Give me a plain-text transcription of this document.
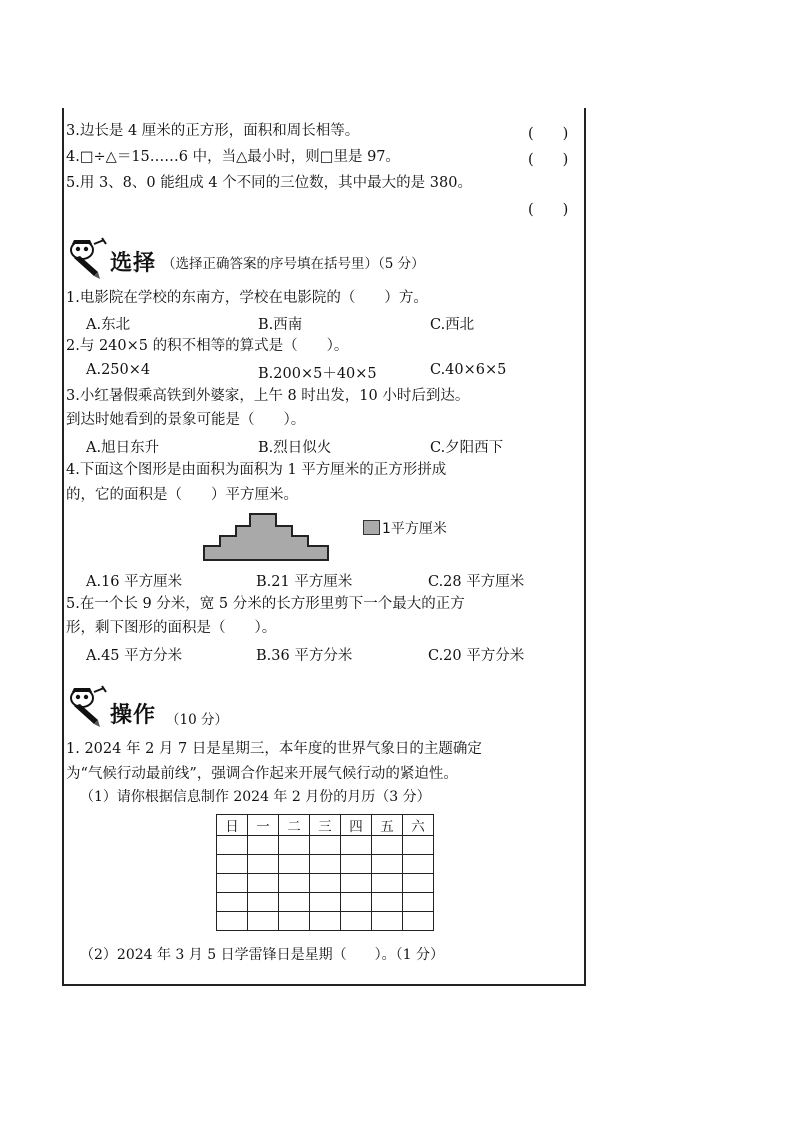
3.边长是 4 厘米的正方形，面积和周长相等。	(　　)
4.□÷△＝15……6 中，当△最小时，则□里是 97。	(　　)
5.用 3、8、0 能组成 4 个不同的三位数，其中最大的是 380。
(　　)
选择 （选择正确答案的序号填在括号里）（5 分）
1.电影院在学校的东南方，学校在电影院的（　　）方。
A.东北	B.西南	C.西北
2.与 240×5 的积不相等的算式是（　　）。
A.250×4	B.200×5＋40×5	C.40×6×5
3.小红暑假乘高铁到外婆家，上午 8 时出发，10 小时后到达。
到达时她看到的景象可能是（　　）。
A.旭日东升	B.烈日似火	C.夕阳西下
4.下面这个图形是由面积为面积为 1 平方厘米的正方形拼成
的，它的面积是（　　）平方厘米。
1平方厘米
A.16 平方厘米	B.21 平方厘米	C.28 平方厘米
5.在一个长 9 分米，宽 5 分米的长方形里剪下一个最大的正方
形，剩下图形的面积是（　　）。
A.45 平方分米	B.36 平方分米	C.20 平方分米
操作 （10 分）
1. 2024 年 2 月 7 日是星期三，本年度的世界气象日的主题确定
为“气候行动最前线”，强调合作起来开展气候行动的紧迫性。
（1）请你根据信息制作 2024 年 2 月份的月历（3 分）
日	一	二	三	四	五	六

（2）2024 年 3 月 5 日学雷锋日是星期（　　）。（1 分）
